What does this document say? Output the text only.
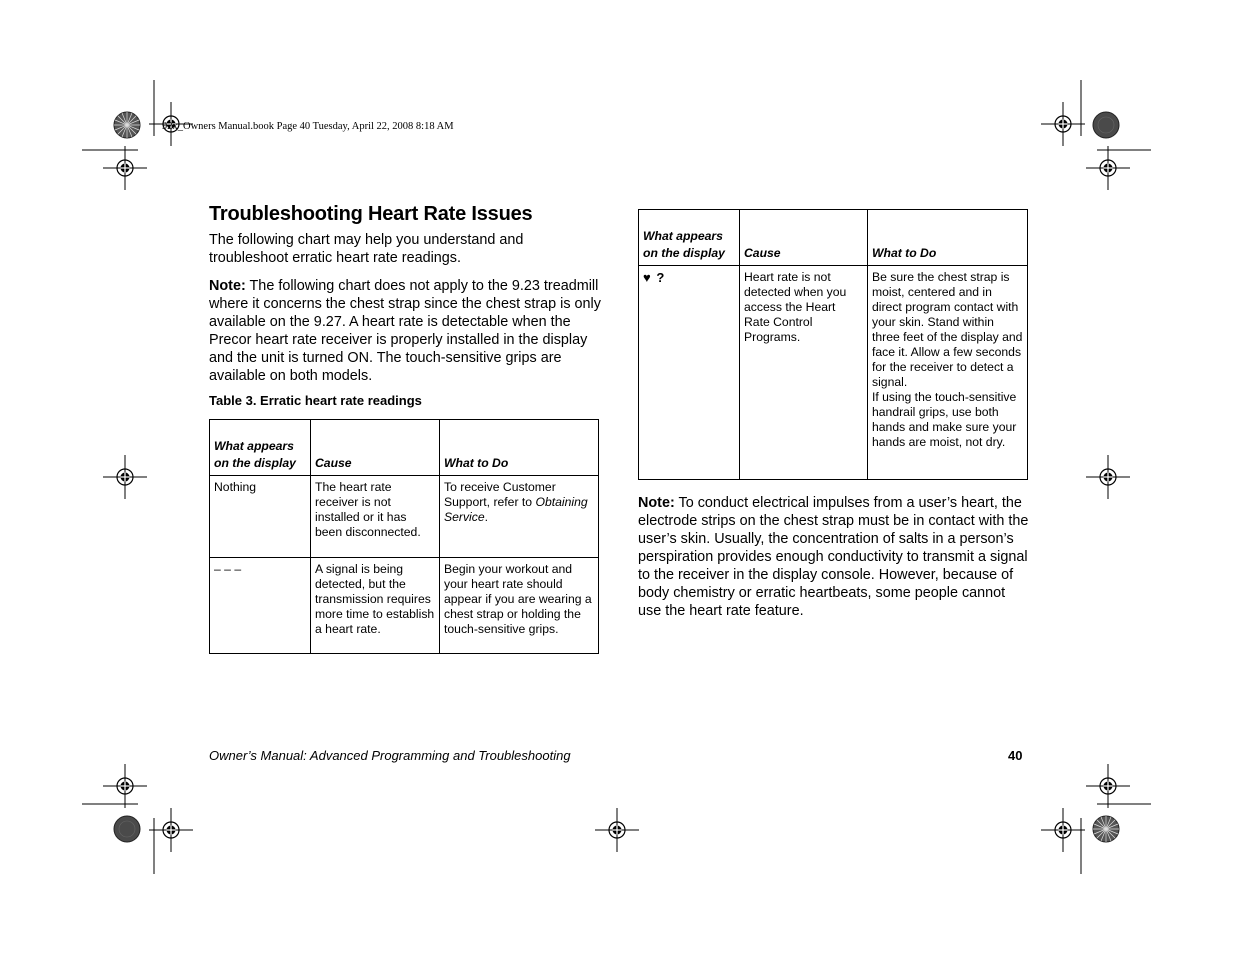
92x_Owners Manual.book Page 40 Tuesday, April 22, 2008 8:18 AM
Troubleshooting Heart Rate Issues

The following chart may help you understand and troubleshoot erratic heart rate readings.

Note: The following chart does not apply to the 9.23 treadmill where it concerns the chest strap since the chest strap is only available on the 9.27. A heart rate is detectable when the Precor heart rate receiver is properly installed in the display and the unit is turned ON. The touch-sensitive grips are available on both models.

Table 3. Erratic heart rate readings
What appears on the display	Cause	What to Do
Nothing	The heart rate receiver is not installed or it has been disconnected.	To receive Customer Support, refer to Obtaining Service.
– – –	A signal is being detected, but the transmission requires more time to establish a heart rate.	Begin your workout and your heart rate should appear if you are wearing a chest strap or holding the touch-sensitive grips.
What appears on the display	Cause	What to Do
♥ ?	Heart rate is not detected when you access the Heart Rate Control Programs.	Be sure the chest strap is moist, centered and in direct program contact with your skin. Stand within three feet of the display and face it. Allow a few seconds
for the receiver to detect a signal.
If using the touch-sensitive handrail grips, use both hands and make sure your hands are moist, not dry.

Note: To conduct electrical impulses from a user’s heart, the electrode strips on the chest strap must be in contact with the user’s skin. Usually, the concentration of salts in a person’s perspiration provides enough conductivity to transmit a signal to the receiver in the display console. However, because of body chemistry or erratic heartbeats, some people cannot use the heart rate feature.

Owner’s Manual: Advanced Programming and Troubleshooting	40
